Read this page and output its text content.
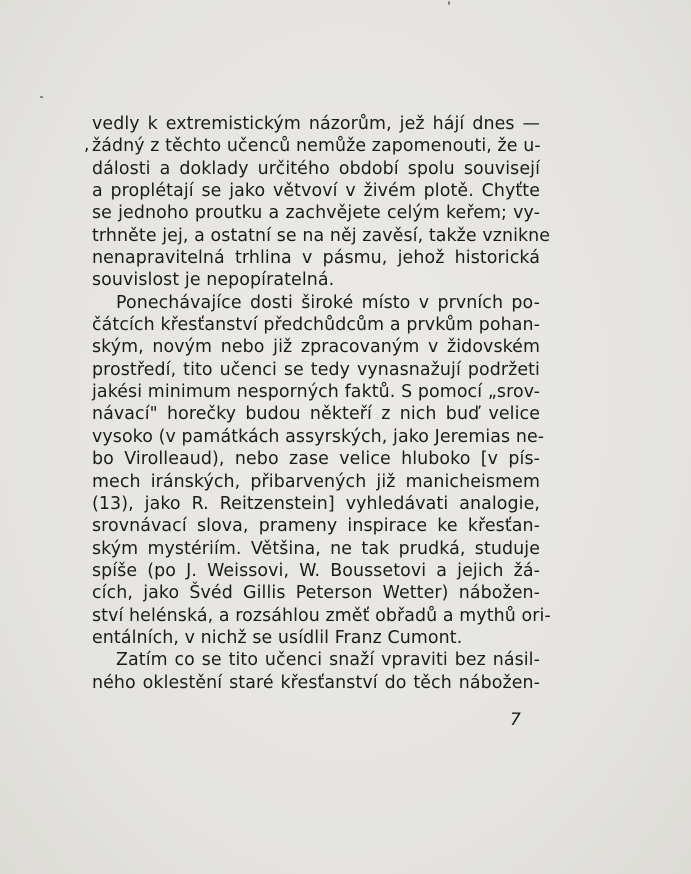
vedly k extremistickým názorům, jež hájí dnes —
žádný z těchto učenců nemůže zapomenouti, že u-
,
dálosti a doklady určitého období spolu souvisejí
a proplétají se jako větvoví v živém plotě. Chyťte
se jednoho proutku a zachvějete celým keřem; vy-
trhněte jej, a ostatní se na něj zavěsí, takže vznikne
nenapravitelná trhlina v pásmu, jehož historická
souvislost je nepopíratelná.
Ponechávajíce dosti široké místo v prvních po-
čátcích křesťanství předchůdcům a prvkům pohan-
ským, novým nebo již zpracovaným v židovském
prostředí, tito učenci se tedy vynasnažují podržeti
jakési minimum nesporných faktů. S pomocí „srov-
návací" horečky budou někteří z nich buď velice
vysoko (v památkách assyrských, jako Jeremias ne-
bo Virolleaud), nebo zase velice hluboko [v pís-
mech iránských, přibarvených již manicheismem
(13), jako R. Reitzenstein] vyhledávati analogie,
srovnávací slova, prameny inspirace ke křesťan-
ským mystériím. Většina, ne tak prudká, studuje
spíše (po J. Weissovi, W. Boussetovi a jejich žá-
cích, jako Švéd Gillis Peterson Wetter) nábožen-
ství helénská, a rozsáhlou změť obřadů a mythů ori-
entálních, v nichž se usídlil Franz Cumont.
Zatím co se tito učenci snaží vpraviti bez násil-
ného oklestění staré křesťanství do těch nábožen-
7
